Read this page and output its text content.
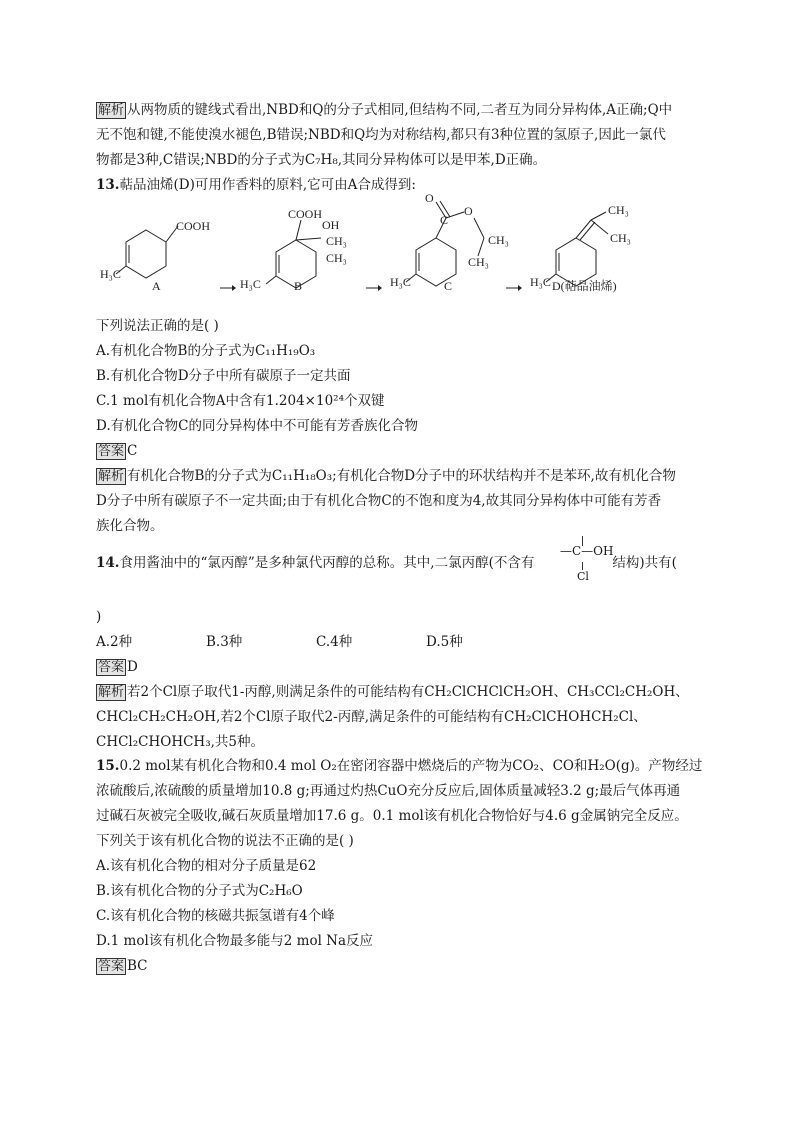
解析 从两物质的键线式看出,NBD和Q的分子式相同,但结构不同,二者互为同分异构体,A正确;Q中
无不饱和键,不能使溴水褪色,B错误;NBD和Q均为对称结构,都只有3种位置的氢原子,因此一氯代
物都是3种,C错误;NBD的分子式为C₇H₈,其同分异构体可以是甲苯,D正确。
13.萜品油烯(D)可用作香料的原料,它可由A合成得到:
COOH
H₃C
A
COOH
OH
CH₃
CH₃
H₃C	B
O
C
O
CH₃
CH₃
H₃C	C
CH₃
CH₃
H₃C D(萜品油烯)
下列说法正确的是( )
A.有机化合物B的分子式为C₁₁H₁₉O₃
B.有机化合物D分子中所有碳原子一定共面
C.1 mol有机化合物A中含有1.204×10²⁴个双键
D.有机化合物C的同分异构体中不可能有芳香族化合物
答案 C
解析 有机化合物B的分子式为C₁₁H₁₈O₃;有机化合物D分子中的环状结构并不是苯环,故有机化合物
D分子中所有碳原子不一定共面;由于有机化合物C的不饱和度为4,故其同分异构体中可能有芳香
族化合物。
—C—OH
Cl
14.食用酱油中的“氯丙醇”是多种氯代丙醇的总称。其中,二氯丙醇(不含有	结构)共有(
)
A.2种	B.3种	C.4种	D.5种
答案 D
解析 若2个Cl原子取代1-丙醇,则满足条件的可能结构有CH₂ClCHClCH₂OH、CH₃CCl₂CH₂OH、
CHCl₂CH₂CH₂OH,若2个Cl原子取代2-丙醇,满足条件的可能结构有CH₂ClCHOHCH₂Cl、
CHCl₂CHOHCH₃,共5种。
15.0.2 mol某有机化合物和0.4 mol O₂在密闭容器中燃烧后的产物为CO₂、CO和H₂O(g)。产物经过
浓硫酸后,浓硫酸的质量增加10.8 g;再通过灼热CuO充分反应后,固体质量减轻3.2 g;最后气体再通
过碱石灰被完全吸收,碱石灰质量增加17.6 g。0.1 mol该有机化合物恰好与4.6 g金属钠完全反应。
下列关于该有机化合物的说法不正确的是( )
A.该有机化合物的相对分子质量是62
B.该有机化合物的分子式为C₂H₆O
C.该有机化合物的核磁共振氢谱有4个峰
D.1 mol该有机化合物最多能与2 mol Na反应
答案 BC
